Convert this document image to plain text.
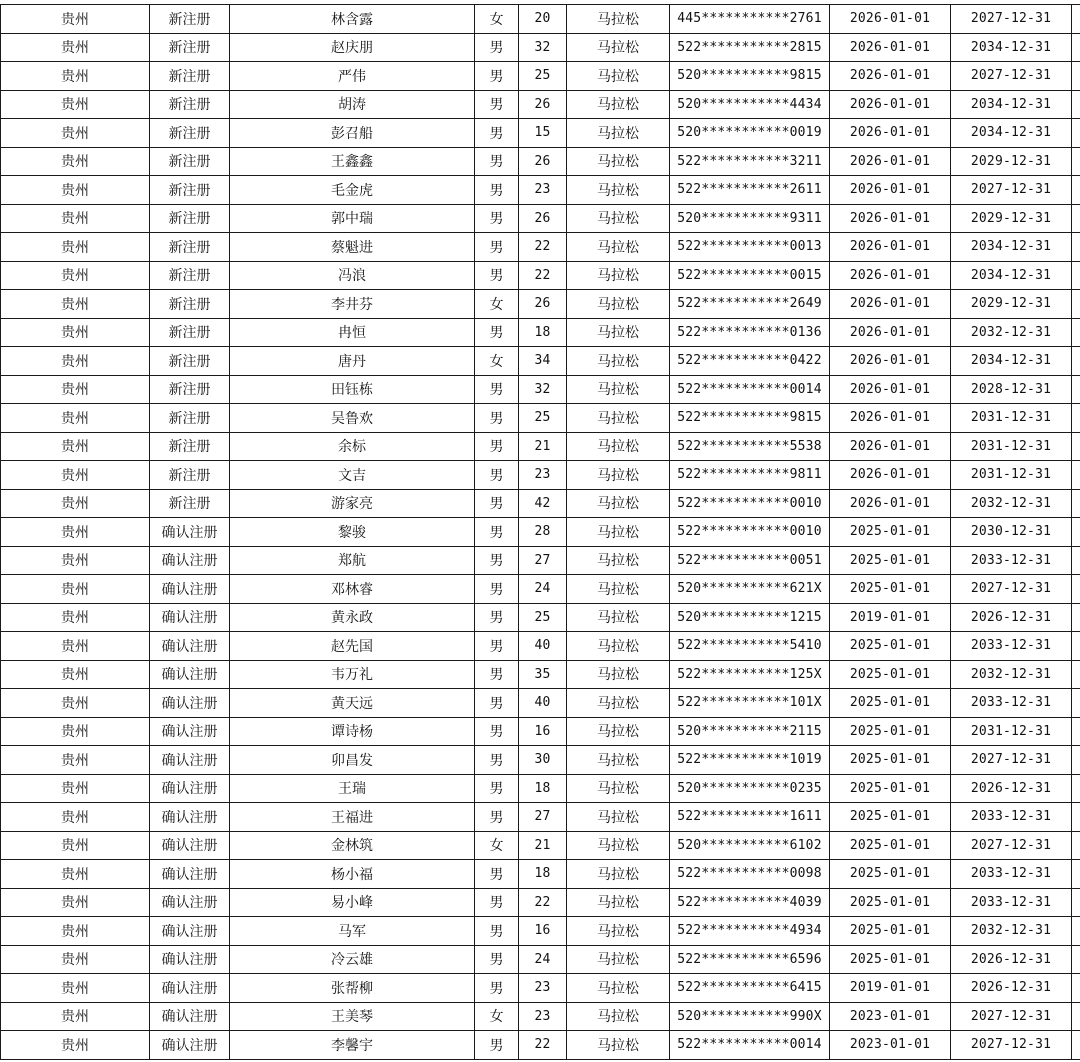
贵州	新注册	林含露	女	20	马拉松	445***********2761	2026-01-01	2027-12-31	
贵州	新注册	赵庆朋	男	32	马拉松	522***********2815	2026-01-01	2034-12-31	
贵州	新注册	严伟	男	25	马拉松	520***********9815	2026-01-01	2027-12-31	
贵州	新注册	胡涛	男	26	马拉松	520***********4434	2026-01-01	2034-12-31	
贵州	新注册	彭召船	男	15	马拉松	520***********0019	2026-01-01	2034-12-31	
贵州	新注册	王鑫鑫	男	26	马拉松	522***********3211	2026-01-01	2029-12-31	
贵州	新注册	毛金虎	男	23	马拉松	522***********2611	2026-01-01	2027-12-31	
贵州	新注册	郭中瑞	男	26	马拉松	520***********9311	2026-01-01	2029-12-31	
贵州	新注册	蔡魁进	男	22	马拉松	522***********0013	2026-01-01	2034-12-31	
贵州	新注册	冯浪	男	22	马拉松	522***********0015	2026-01-01	2034-12-31	
贵州	新注册	李井芬	女	26	马拉松	522***********2649	2026-01-01	2029-12-31	
贵州	新注册	冉恒	男	18	马拉松	522***********0136	2026-01-01	2032-12-31	
贵州	新注册	唐丹	女	34	马拉松	522***********0422	2026-01-01	2034-12-31	
贵州	新注册	田钰栋	男	32	马拉松	522***********0014	2026-01-01	2028-12-31	
贵州	新注册	吴鲁欢	男	25	马拉松	522***********9815	2026-01-01	2031-12-31	
贵州	新注册	余标	男	21	马拉松	522***********5538	2026-01-01	2031-12-31	
贵州	新注册	文吉	男	23	马拉松	522***********9811	2026-01-01	2031-12-31	
贵州	新注册	游家亮	男	42	马拉松	522***********0010	2026-01-01	2032-12-31	
贵州	确认注册	黎骏	男	28	马拉松	522***********0010	2025-01-01	2030-12-31	
贵州	确认注册	郑航	男	27	马拉松	522***********0051	2025-01-01	2033-12-31	
贵州	确认注册	邓林睿	男	24	马拉松	520***********621X	2025-01-01	2027-12-31	
贵州	确认注册	黄永政	男	25	马拉松	520***********1215	2019-01-01	2026-12-31	
贵州	确认注册	赵先国	男	40	马拉松	522***********5410	2025-01-01	2033-12-31	
贵州	确认注册	韦万礼	男	35	马拉松	522***********125X	2025-01-01	2032-12-31	
贵州	确认注册	黄天远	男	40	马拉松	522***********101X	2025-01-01	2033-12-31	
贵州	确认注册	谭诗杨	男	16	马拉松	520***********2115	2025-01-01	2031-12-31	
贵州	确认注册	卯昌发	男	30	马拉松	522***********1019	2025-01-01	2027-12-31	
贵州	确认注册	王瑞	男	18	马拉松	520***********0235	2025-01-01	2026-12-31	
贵州	确认注册	王福进	男	27	马拉松	522***********1611	2025-01-01	2033-12-31	
贵州	确认注册	金林筑	女	21	马拉松	520***********6102	2025-01-01	2027-12-31	
贵州	确认注册	杨小福	男	18	马拉松	522***********0098	2025-01-01	2033-12-31	
贵州	确认注册	易小峰	男	22	马拉松	522***********4039	2025-01-01	2033-12-31	
贵州	确认注册	马军	男	16	马拉松	522***********4934	2025-01-01	2032-12-31	
贵州	确认注册	冷云雄	男	24	马拉松	522***********6596	2025-01-01	2026-12-31	
贵州	确认注册	张帮柳	男	23	马拉松	522***********6415	2019-01-01	2026-12-31	
贵州	确认注册	王美琴	女	23	马拉松	520***********990X	2023-01-01	2027-12-31	
贵州	确认注册	李馨宇	男	22	马拉松	522***********0014	2023-01-01	2027-12-31	
